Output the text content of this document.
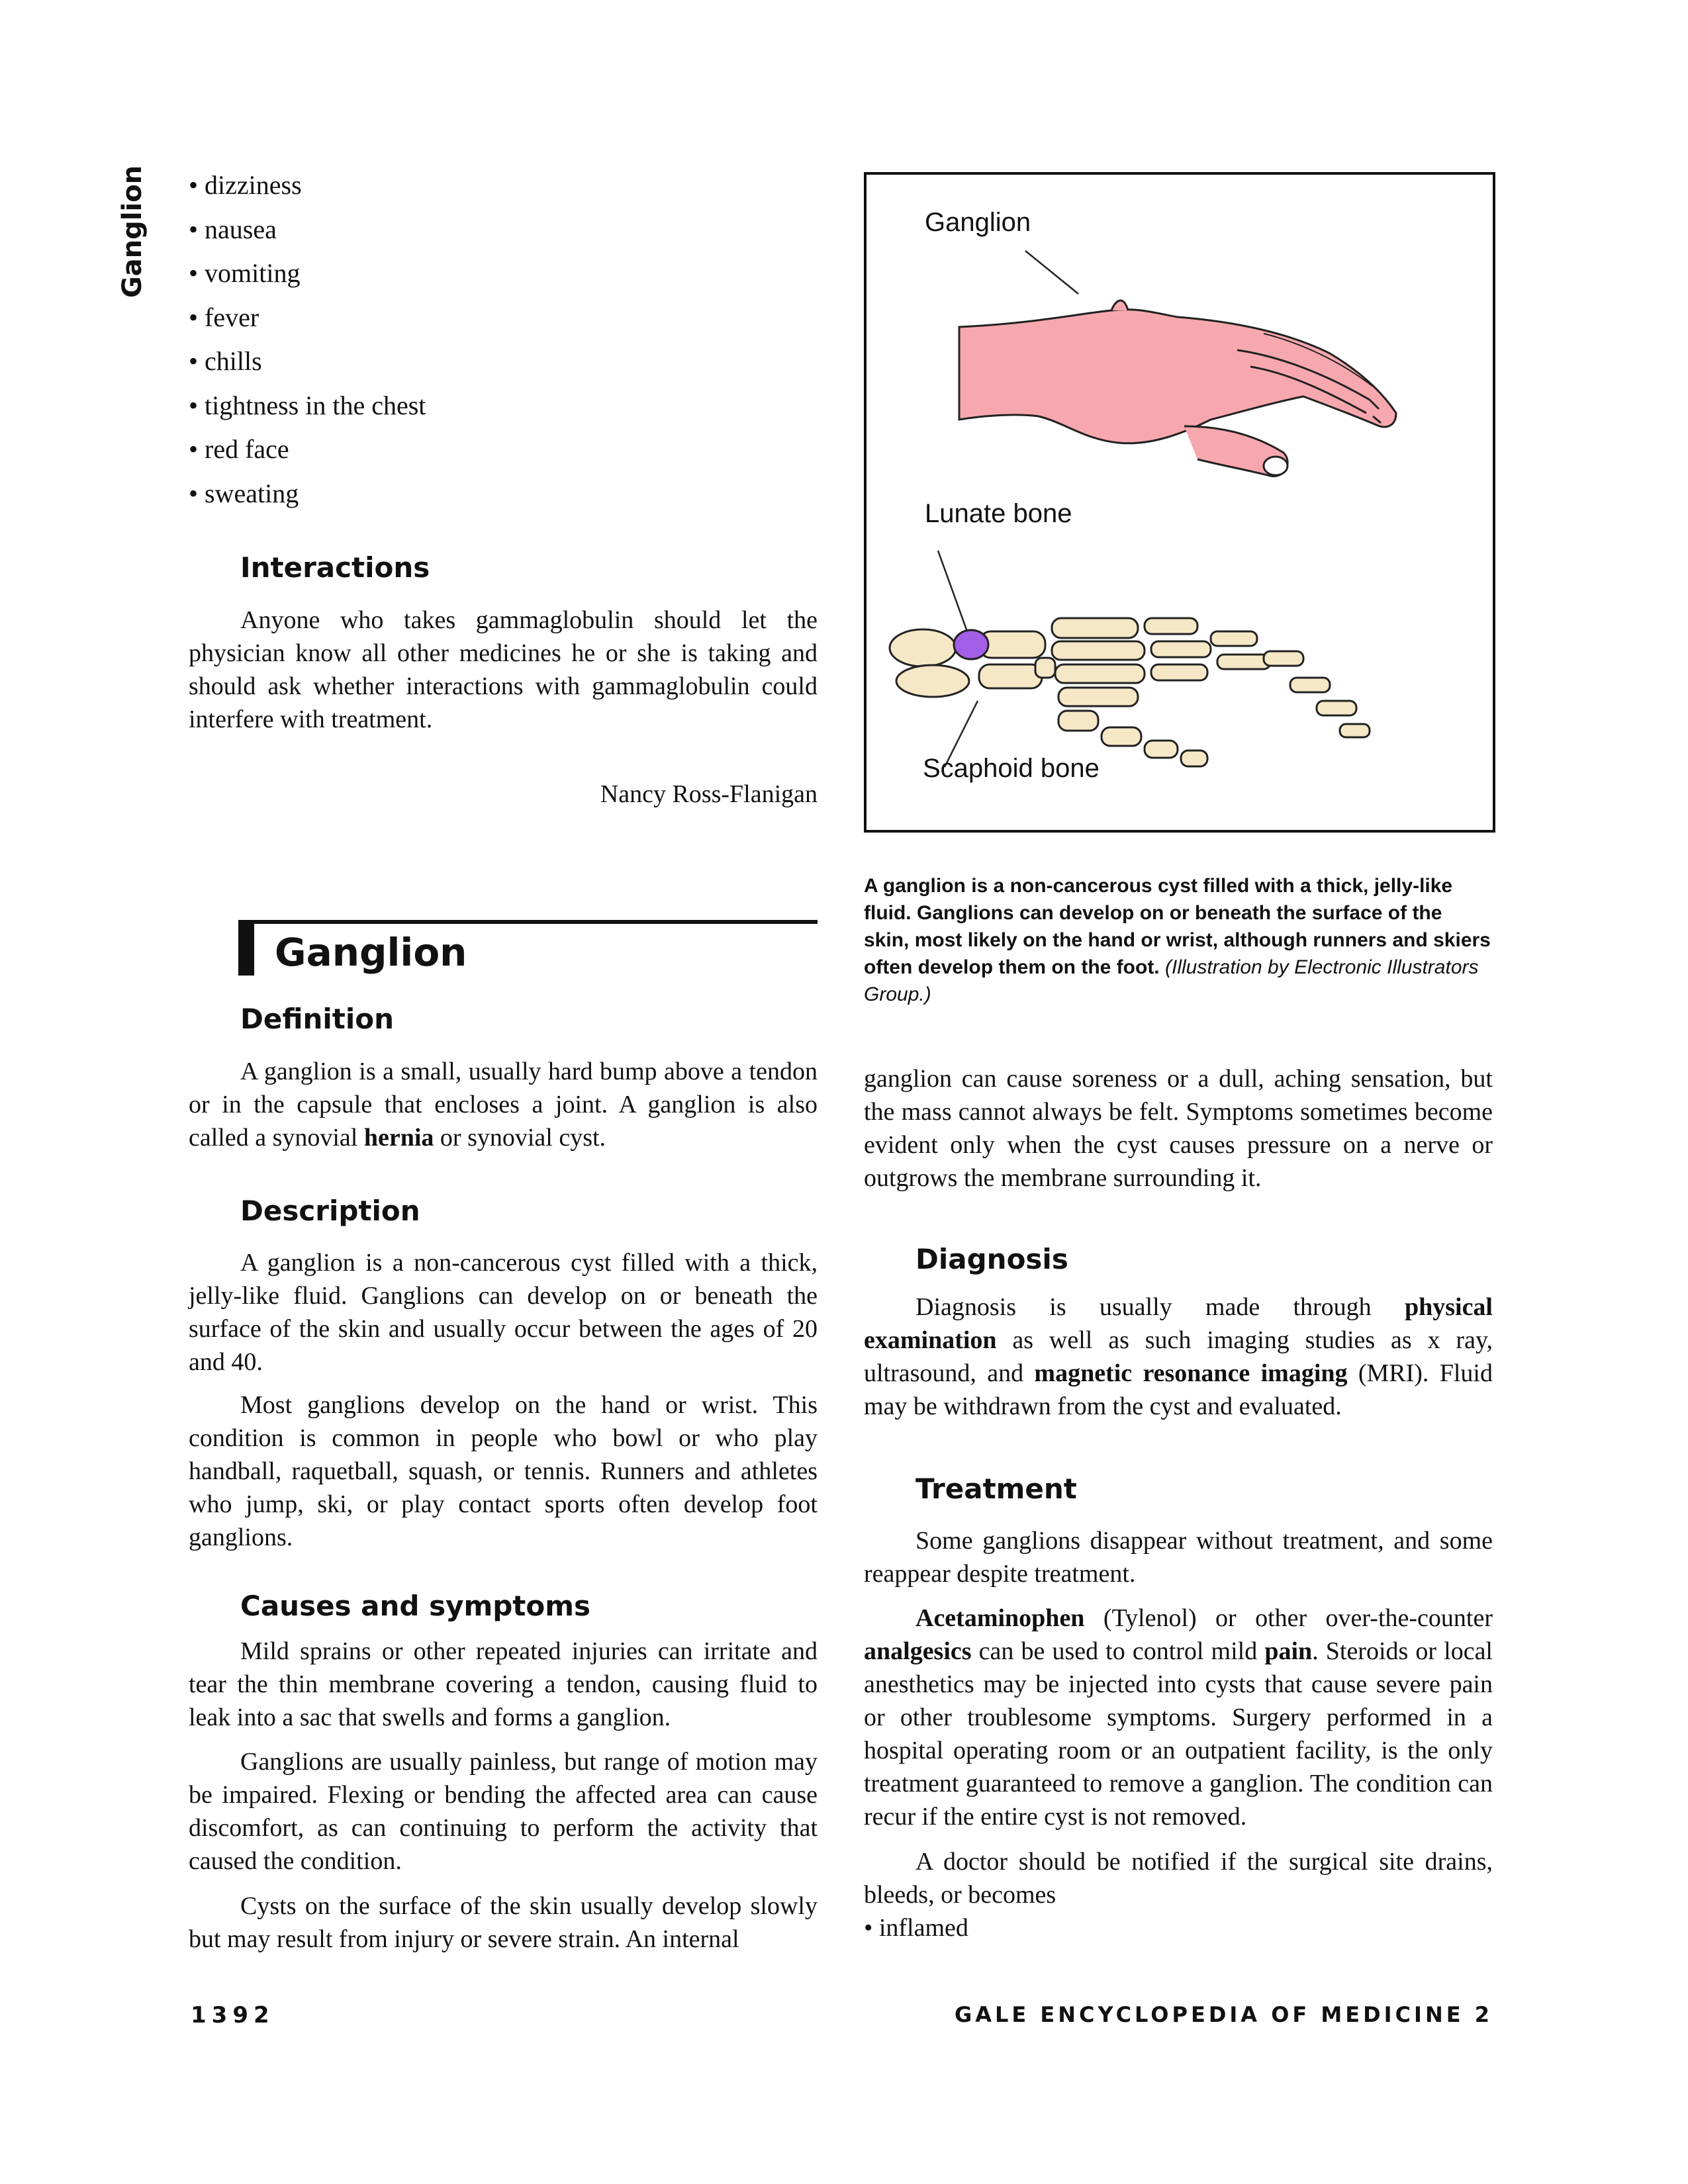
Ganglion
•	dizziness
• nausea
• vomiting
• fever
• chills
• tightness in the chest
• red face
• sweating
Interactions

Anyone who takes gammaglobulin should let the physician know all other medicines he or she is taking and should ask whether interactions with gammaglobulin could interfere with treatment.

Nancy Ross-Flanigan
Ganglion
Definition

A ganglion is a small, usually hard bump above a tendon or in the capsule that encloses a joint. A ganglion is also called a synovial hernia or synovial cyst.

Description

A ganglion is a non-cancerous cyst filled with a thick, jelly-like fluid. Ganglions can develop on or beneath the surface of the skin and usually occur between the ages of 20 and 40.

Most ganglions develop on the hand or wrist. This condition is common in people who bowl or who play handball, raquetball, squash, or tennis. Runners and athletes who jump, ski, or play contact sports often develop foot ganglions.

Causes and symptoms

Mild sprains or other repeated injuries can irritate and tear the thin membrane covering a tendon, causing fluid to leak into a sac that swells and forms a ganglion.

Ganglions are usually painless, but range of motion may be impaired. Flexing or bending the affected area can cause discomfort, as can continuing to perform the activity that caused the condition.

Cysts on the surface of the skin usually develop slowly but may result from injury or severe strain. An internal

Ganglion
Lunate bone
Scaphoid bone
A ganglion is a non-cancerous cyst filled with a thick, jelly-like fluid. Ganglions can develop on or beneath the surface of the skin, most likely on the hand or wrist, although runners and skiers often develop them on the foot. (Illustration by Electronic Illustrators Group.)

ganglion can cause soreness or a dull, aching sensation, but the mass cannot always be felt. Symptoms sometimes become evident only when the cyst causes pressure on a nerve or outgrows the membrane surrounding it.

Diagnosis

Diagnosis is usually made through physical examination as well as such imaging studies as x ray, ultrasound, and magnetic resonance imaging (MRI). Fluid may be withdrawn from the cyst and evaluated.

Treatment

Some ganglions disappear without treatment, and some reappear despite treatment.

Acetaminophen (Tylenol) or other over-the-counter analgesics can be used to control mild pain. Steroids or local anesthetics may be injected into cysts that cause severe pain or other troublesome symptoms. Surgery performed in a hospital operating room or an outpatient facility, is the only treatment guaranteed to remove a ganglion. The condition can recur if the entire cyst is not removed.

A doctor should be notified if the surgical site drains, bleeds, or becomes

• inflamed
1392	GALE ENCYCLOPEDIA OF MEDICINE 2
